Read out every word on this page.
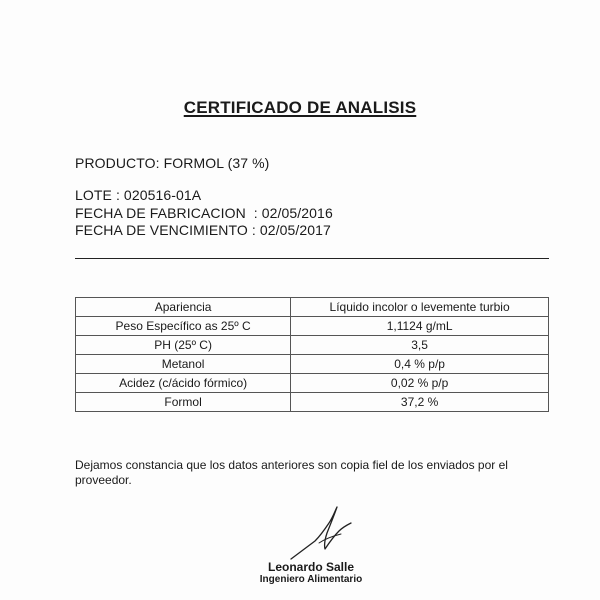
CERTIFICADO DE ANALISIS
PRODUCTO: FORMOL (37 %)
LOTE : 020516-01A
FECHA DE FABRICACION  : 02/05/2016
FECHA DE VENCIMIENTO : 02/05/2017
Apariencia	Líquido incolor o levemente turbio
Peso Específico as 25º C	1,1124 g/mL
PH (25º C)	3,5
Metanol	0,4 % p/p
Acidez (c/ácido fórmico)	0,02 % p/p
Formol	37,2 %
Dejamos constancia que los datos anteriores son copia fiel de los enviados por el proveedor.
Leonardo Salle
Ingeniero Alimentario
